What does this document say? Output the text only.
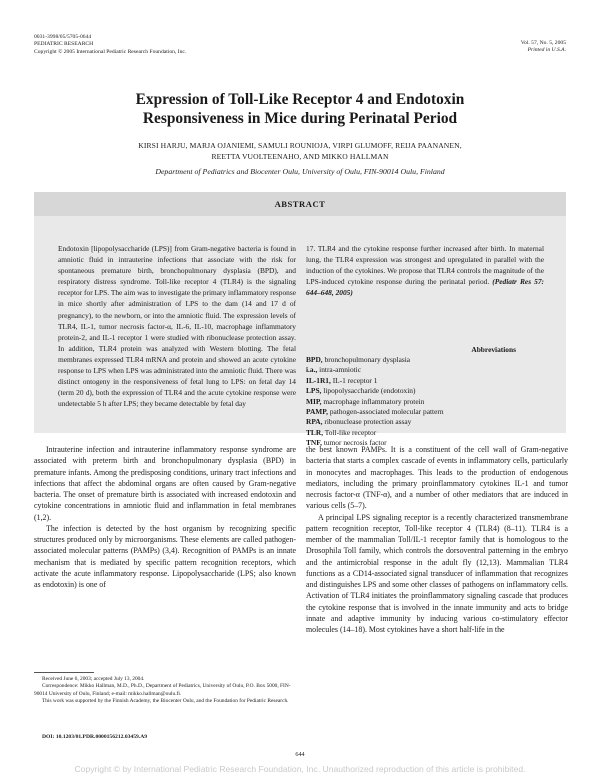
0031-3998/05/5705-0644
PEDIATRIC RESEARCH
Copyright © 2005 International Pediatric Research Foundation, Inc.
Vol. 57, No. 5, 2005
Printed in U.S.A.
Expression of Toll-Like Receptor 4 and Endotoxin
Responsiveness in Mice during Perinatal Period
KIRSI HARJU, MARJA OJANIEMI, SAMULI ROUNIOJA, VIRPI GLUMOFF, REIJA PAANANEN,
REETTA VUOLTEENAHO, AND MIKKO HALLMAN
Department of Pediatrics and Biocenter Oulu, University of Oulu, FIN-90014 Oulu, Finland
ABSTRACT
Endotoxin [lipopolysaccharide (LPS)] from Gram-negative bacteria is found in amniotic fluid in intrauterine infections that associate with the risk for spontaneous premature birth, bronchopulmonary dysplasia (BPD), and respiratory distress syndrome. Toll-like receptor 4 (TLR4) is the signaling receptor for LPS. The aim was to investigate the primary inflammatory response in mice shortly after administration of LPS to the dam (14 and 17 d of pregnancy), to the newborn, or into the amniotic fluid. The expression levels of TLR4, IL-1, tumor necrosis factor-α, IL-6, IL-10, macrophage inflammatory protein-2, and IL-1 receptor 1 were studied with ribonuclease protection assay. In addition, TLR4 protein was analyzed with Western blotting. The fetal membranes expressed TLR4 mRNA and protein and showed an acute cytokine response to LPS when LPS was administrated into the amniotic fluid. There was distinct ontogeny in the responsiveness of fetal lung to LPS: on fetal day 14 (term 20 d), both the expression of TLR4 and the acute cytokine response were undetectable 5 h after LPS; they became detectable by fetal day
17. TLR4 and the cytokine response further increased after birth. In maternal lung, the TLR4 expression was strongest and upregulated in parallel with the induction of the cytokines. We propose that TLR4 controls the magnitude of the LPS-induced cytokine response during the perinatal period. (Pediatr Res 57: 644–648, 2005)
Abbreviations
BPD, bronchopulmonary dysplasia
i.a., intra-amniotic
IL-1R1, IL-1 receptor 1
LPS, lipopolysaccharide (endotoxin)
MIP, macrophage inflammatory protein
PAMP, pathogen-associated molecular pattern
RPA, ribonuclease protection assay
TLR, Toll-like receptor
TNF, tumor necrosis factor

Intrauterine infection and intrauterine inflammatory response syndrome are associated with preterm birth and bronchopulmonary dysplasia (BPD) in premature infants. Among the predisposing conditions, urinary tract infections and infections that affect the abdominal organs are often caused by Gram-negative bacteria. The onset of premature birth is associated with increased endotoxin and cytokine concentrations in amniotic fluid and inflammation in fetal membranes (1,2).

The infection is detected by the host organism by recognizing specific structures produced only by microorganisms. These elements are called pathogen-associated molecular patterns (PAMPs) (3,4). Recognition of PAMPs is an innate mechanism that is mediated by specific pattern recognition receptors, which activate the acute inflammatory response. Lipopolysaccharide (LPS; also known as endotoxin) is one of

the best known PAMPs. It is a constituent of the cell wall of Gram-negative bacteria that starts a complex cascade of events in inflammatory cells, particularly in monocytes and macrophages. This leads to the production of endogenous mediators, including the primary proinflammatory cytokines IL-1 and tumor necrosis factor-α (TNF-α), and a number of other mediators that are induced in various cells (5–7).

A principal LPS signaling receptor is a recently characterized transmembrane pattern recognition receptor, Toll-like receptor 4 (TLR4) (8–11). TLR4 is a member of the mammalian Toll/IL-1 receptor family that is homologous to the Drosophila Toll family, which controls the dorsoventral patterning in the embryo and the antimicrobial response in the adult fly (12,13). Mammalian TLR4 functions as a CD14-associated signal transducer of inflammation that recognizes and distinguishes LPS and some other classes of pathogens on inflammatory cells. Activation of TLR4 initiates the proinflammatory signaling cascade that produces the cytokine response that is involved in the innate immunity and acts to bridge innate and adaptive immunity by inducing various co-stimulatory effector molecules (14–18). Most cytokines have a short half-life in the

Received June 6, 2003; accepted July 13, 2004.

Correspondence: Mikko Hallman, M.D., Ph.D., Department of Pediatrics, University of Oulu, P.O. Box 5000, FIN-90014 University of Oulu, Finland; e-mail: mikko.hallman@oulu.fi.

This work was supported by the Finnish Academy, the Biocenter Oulu, and the Foundation for Pediatric Research.

DOI: 10.1203/01.PDR.0000156212.03459.A9
644
Copyright © by International Pediatric Research Foundation, Inc. Unauthorized reproduction of this article is prohibited.
